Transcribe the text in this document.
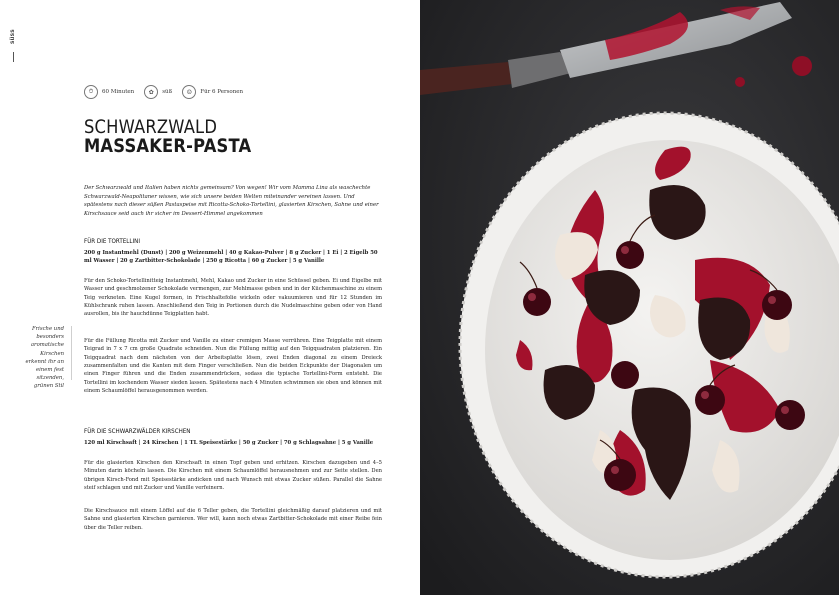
süss
⏱	60 Minuten	✿	süß	☺	Für 6 Personen
SCHWARZWALD
MASSAKER-PASTA

Der Schwarzwald und Italien haben nichts gemeinsam? Von wegen! Wir vom Mamma Lina als waschechte Schwarzwald-Neapolitaner wissen, wie sich unsere beiden Welten miteinander vereinen lassen. Und spätestens nach dieser süßen Pastaspeise mit Ricotta-Schoko-Tortellini, glasierten Kirschen, Sahne und einer Kirschsauce seid auch ihr sicher im Dessert-Himmel angekommen

FÜR DIE TORTELLINI

200 g Instantmehl (Dunst) | 200 g Weizenmehl | 40 g Kakao-Pulver | 8 g Zucker | 1 Ei | 2 Eigelb 50 ml Wasser | 20 g Zartbitter-Schokolade | 250 g Ricotta | 60 g Zucker | 5 g Vanille

Für den Schoko-Tortellinitteig Instantmehl, Mehl, Kakao und Zucker in eine Schüssel geben. Ei und Eigelbe mit Wasser und geschmolzener Schokolade vermengen, zur Mehlmasse geben und in der Küchenmaschine zu einem Teig verkneten. Eine Kugel formen, in Frischhaltefolie wickeln oder vakuumieren und für 12 Stunden im Kühlschrank ruhen lassen. Anschließend den Teig in Portionen durch die Nudelmaschine geben oder von Hand ausrollen, bis ihr hauchdünne Teigplatten habt.

Für die Füllung Ricotta mit Zucker und Vanille zu einer cremigen Masse verrühren. Eine Teigplatte mit einem Teigrad in 7 x 7 cm große Quadrate schneiden. Nun die Füllung mittig auf den Teigquadraten platzieren. Ein Teigquadrat nach dem nächsten von der Arbeitsplatte lösen, zwei Enden diagonal zu einem Dreieck zusammenfalten und die Kanten mit dem Finger verschließen. Nun die beiden Eckpunkte der Diagonalen um einen Finger führen und die Enden zusammendrücken, sodass die typische Tortellini-Form entsteht. Die Tortellini im kochendem Wasser sieden lassen. Spätestens nach 4 Minuten schwimmen sie oben und können mit einem Schaumlöffel herausgenommen werden.

FÜR DIE SCHWARZWÄLDER KIRSCHEN

120 ml Kirschsaft | 24 Kirschen | 1 TL Speisestärke | 50 g Zucker | 70 g Schlagsahne | 5 g Vanille

Für die glasierten Kirschen den Kirschsaft in einen Topf geben und erhitzen. Kirschen dazugeben und 4–5 Minuten darin köcheln lassen. Die Kirschen mit einem Schaumlöffel herausnehmen und zur Seite stellen. Den übrigen Kirsch-Fond mit Speisestärke andicken und nach Wunsch mit etwas Zucker süßen. Parallel die Sahne steif schlagen und mit Zucker und Vanille verfeinern.

Die Kirschsauce mit einem Löffel auf die 6 Teller geben, die Tortellini gleichmäßig darauf platzieren und mit Sahne und glasierten Kirschen garnieren. Wer will, kann noch etwas Zartbitter-Schokolade mit einer Reibe fein über die Teller reiben.

Frische und besonders aromatische Kirschen erkennt ihr an einem fest sitzenden, grünen Stil
